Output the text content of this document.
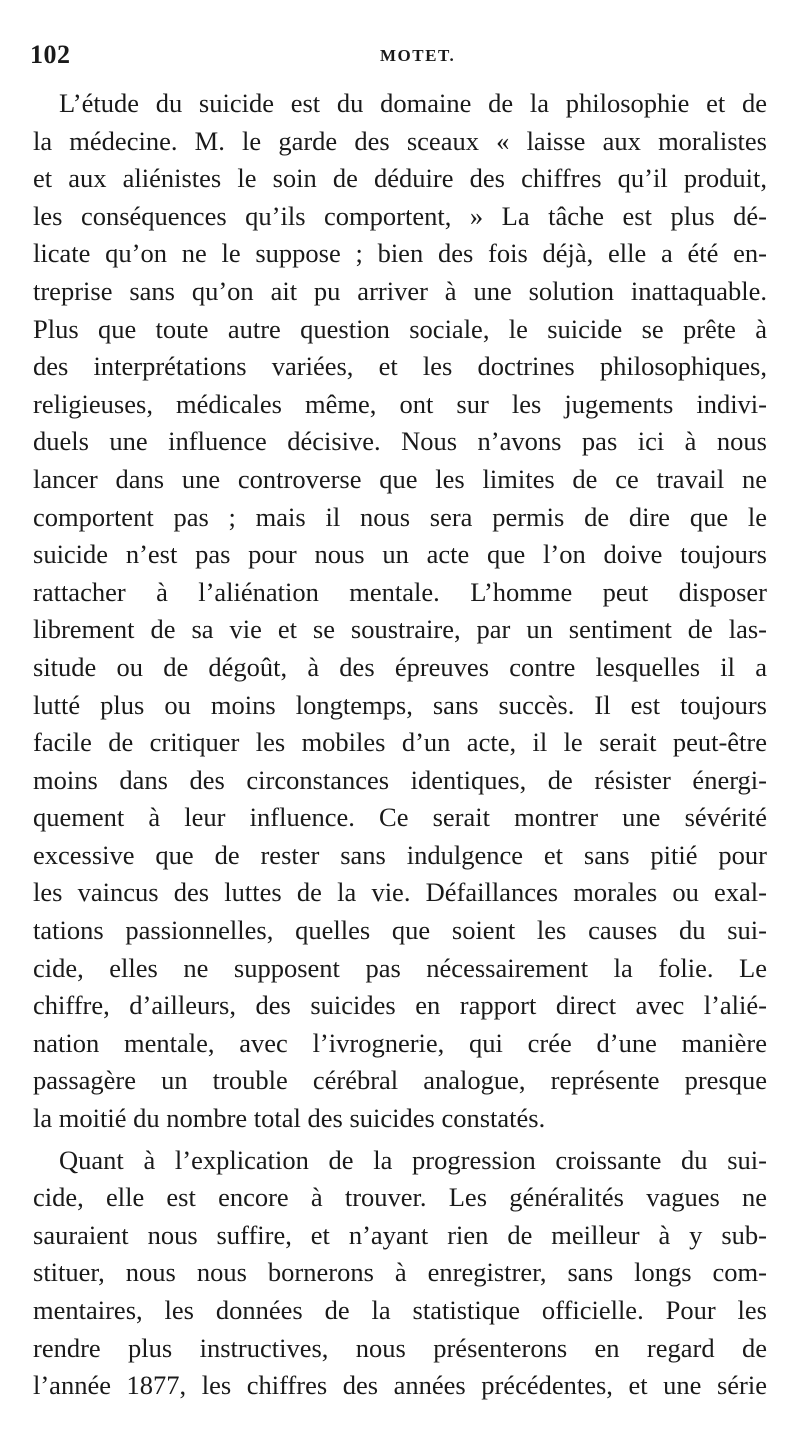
102	MOTET.
L’étude du suicide est du domaine de la philosophie et de
la médecine. M. le garde des sceaux « laisse aux moralistes
et aux aliénistes le soin de déduire des chiffres qu’il produit,
les conséquences qu’ils comportent, » La tâche est plus dé-
licate qu’on ne le suppose ; bien des fois déjà, elle a été en-
treprise sans qu’on ait pu arriver à une solution inattaquable.
Plus que toute autre question sociale, le suicide se prête à
des interprétations variées, et les doctrines philosophiques,
religieuses, médicales même, ont sur les jugements indivi-
duels une influence décisive. Nous n’avons pas ici à nous
lancer dans une controverse que les limites de ce travail ne
comportent pas ; mais il nous sera permis de dire que le
suicide n’est pas pour nous un acte que l’on doive toujours
rattacher à l’aliénation mentale. L’homme peut disposer
librement de sa vie et se soustraire, par un sentiment de las-
situde ou de dégoût, à des épreuves contre lesquelles il a
lutté plus ou moins longtemps, sans succès. Il est toujours
facile de critiquer les mobiles d’un acte, il le serait peut-être
moins dans des circonstances identiques, de résister énergi-
quement à leur influence. Ce serait montrer une sévérité
excessive que de rester sans indulgence et sans pitié pour
les vaincus des luttes de la vie. Défaillances morales ou exal-
tations passionnelles, quelles que soient les causes du sui-
cide, elles ne supposent pas nécessairement la folie. Le
chiffre, d’ailleurs, des suicides en rapport direct avec l’alié-
nation mentale, avec l’ivrognerie, qui crée d’une manière
passagère un trouble cérébral analogue, représente presque
la moitié du nombre total des suicides constatés.
Quant à l’explication de la progression croissante du sui-
cide, elle est encore à trouver. Les généralités vagues ne
sauraient nous suffire, et n’ayant rien de meilleur à y sub-
stituer, nous nous bornerons à enregistrer, sans longs com-
mentaires, les données de la statistique officielle. Pour les
rendre plus instructives, nous présenterons en regard de
l’année 1877, les chiffres des années précédentes, et une série
